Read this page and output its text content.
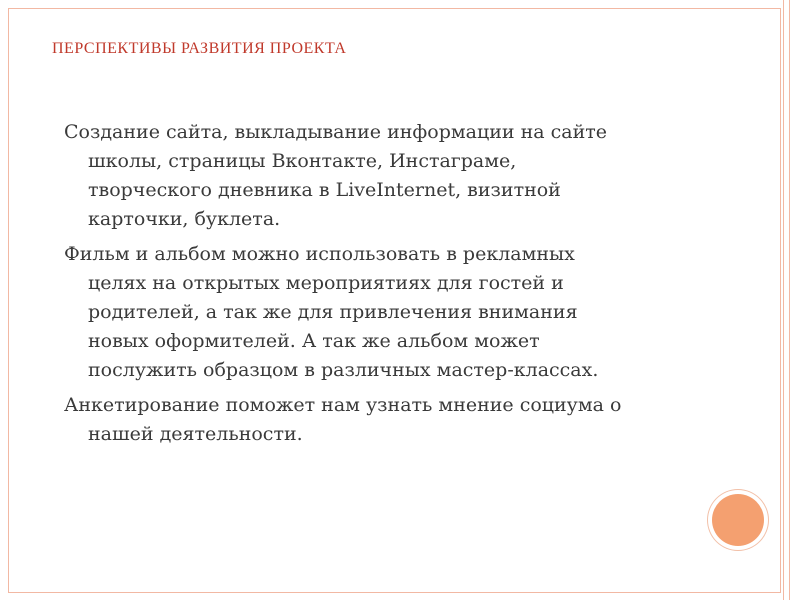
ПЕРСПЕКТИВЫ РАЗВИТИЯ ПРОЕКТА

Создание сайта, выкладывание информации на сайте
школы, страницы Вконтакте, Инстаграме,
творческого дневника в LiveInternet, визитной
карточки, буклета.

Фильм и альбом можно использовать в рекламных
целях на открытых мероприятиях для гостей и
родителей, а так же для привлечения внимания
новых оформителей. А так же альбом может
послужить образцом в различных мастер-классах.

Анкетирование поможет нам узнать мнение социума о
нашей деятельности.
